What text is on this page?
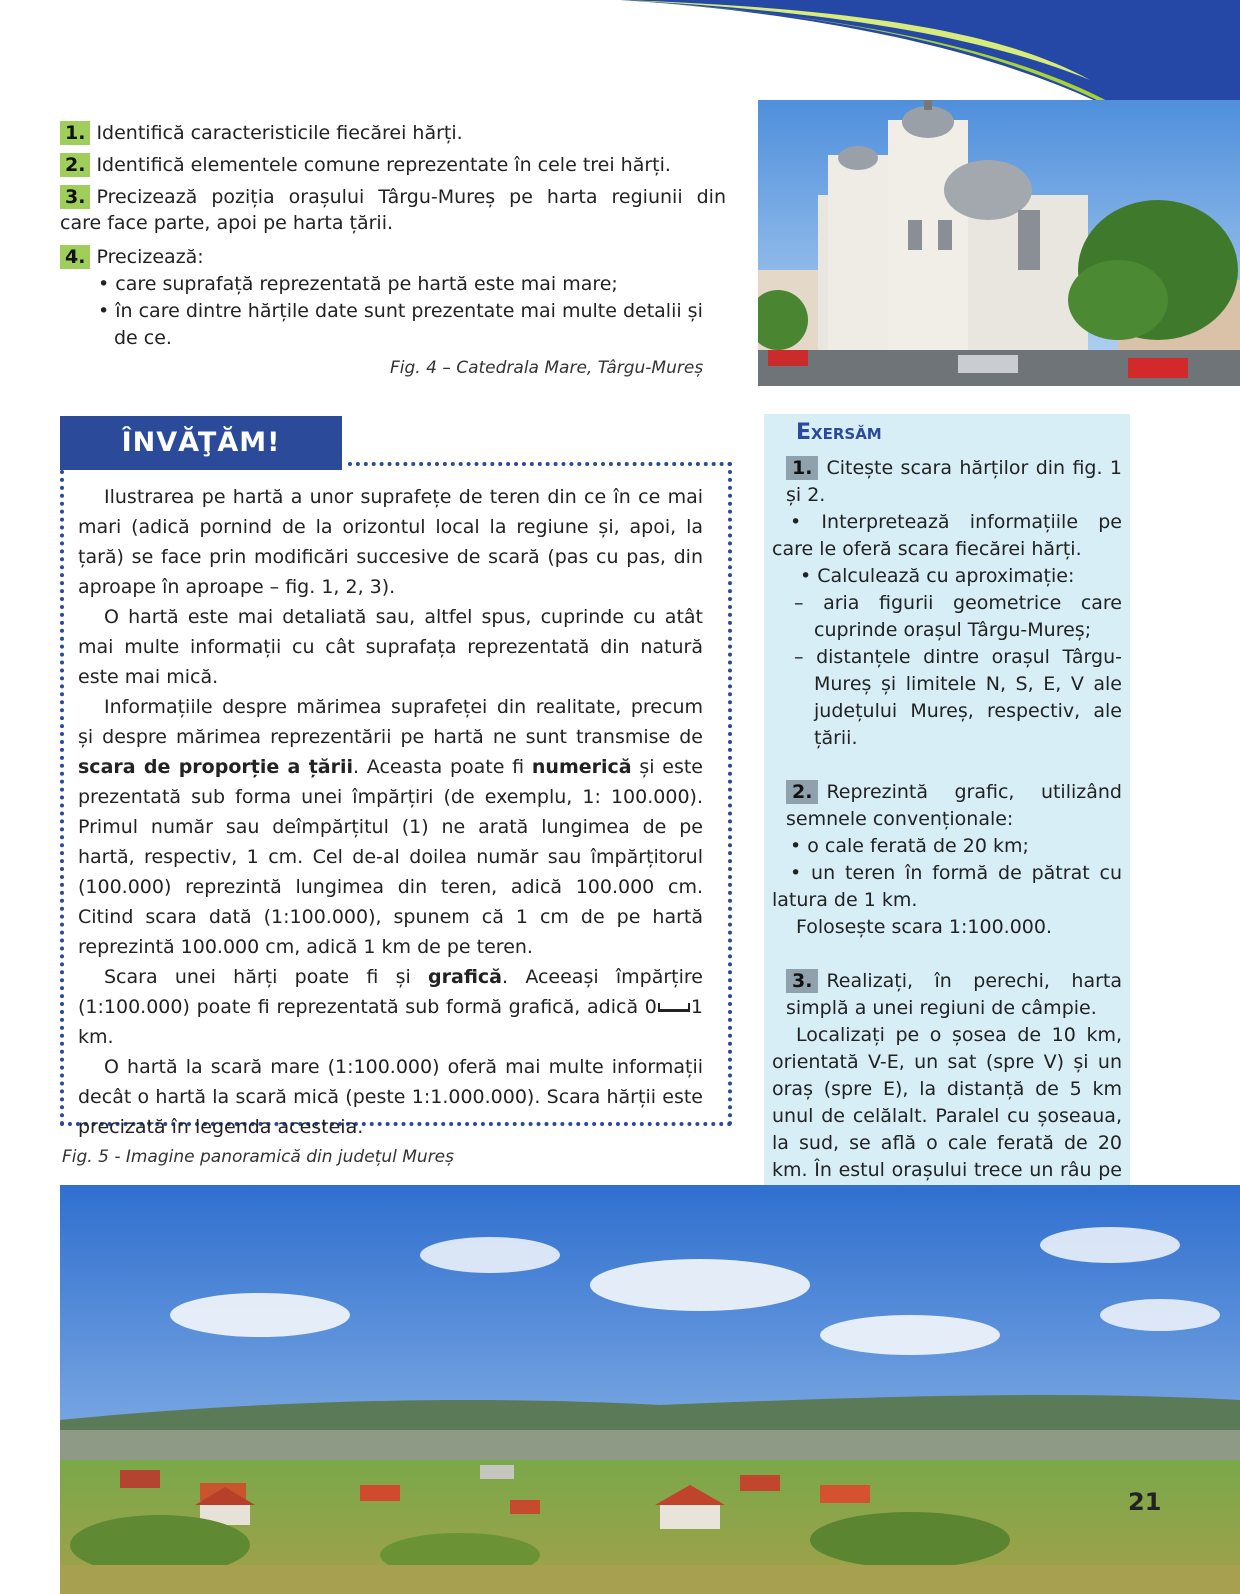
1. Identifică caracteristicile fiecărei hărți.
2. Identifică elementele comune reprezentate în cele trei hărți.
3. Precizează poziția orașului Târgu-Mureș pe harta regiunii din
care face parte, apoi pe harta țării.
4. Precizează:
• care suprafață reprezentată pe hartă este mai mare;
• în care dintre hărțile date sunt prezentate mai multe detalii și
de ce.
Fig. 4 – Catedrala Mare, Târgu-Mureș
ÎNVĂŢĂM!

Ilustrarea pe hartă a unor suprafețe de teren din ce în ce mai mari (adică pornind de la orizontul local la regiune și, apoi, la țară) se face prin modificări succesive de scară (pas cu pas, din aproape în aproape – fig. 1, 2, 3).

O hartă este mai detaliată sau, altfel spus, cuprinde cu atât mai multe informații cu cât suprafața reprezentată din natură este mai mică.

Informațiile despre mărimea suprafeței din realitate, precum și despre mărimea reprezentării pe hartă ne sunt transmise de scara de proporție a țării. Aceasta poate fi numerică și este prezentată sub forma unei împărțiri (de exemplu, 1: 100.000). Primul număr sau deîmpărțitul (1) ne arată lungimea de pe hartă, respectiv, 1 cm. Cel de-al doilea număr sau împărțitorul (100.000) reprezintă lungimea din teren, adică 100.000 cm. Citind scara dată (1:100.000), spunem că 1 cm de pe hartă reprezintă 100.000 cm, adică 1 km de pe teren.

Scara unei hărți poate fi și grafică. Aceeași împărțire (1:100.000) poate fi reprezentată sub formă grafică, adică 0 1 km.

O hartă la scară mare (1:100.000) oferă mai multe informații decât o hartă la scară mică (peste 1:1.000.000). Scara hărții este precizată în legenda acesteia.

Exersăm

1. Citește scara hărților din fig. 1 și 2.

• Interpretează informațiile pe care le oferă scara fiecărei hărți.

• Calculează cu aproximație:

– aria figurii geometrice care cuprinde orașul Târgu-Mureș;

– distanțele dintre orașul Târgu-Mureș și limitele N, S, E, V ale județului Mureș, respectiv, ale țării.

2. Reprezintă grafic, utilizând semnele convenționale:

• o cale ferată de 20 km;

• un teren în formă de pătrat cu latura de 1 km.

Folosește scara 1:100.000.

3. Realizați, în perechi, harta simplă a unei regiuni de câmpie.

Localizați pe o șosea de 10 km, orientată V-E, un sat (spre V) și un oraș (spre E), la distanță de 5 km unul de celălalt. Paralel cu șoseaua, la sud, se află o cale ferată de 20 km. În estul orașului trece un râu pe

Fig. 5 - Imagine panoramică din județul Mureș
21
